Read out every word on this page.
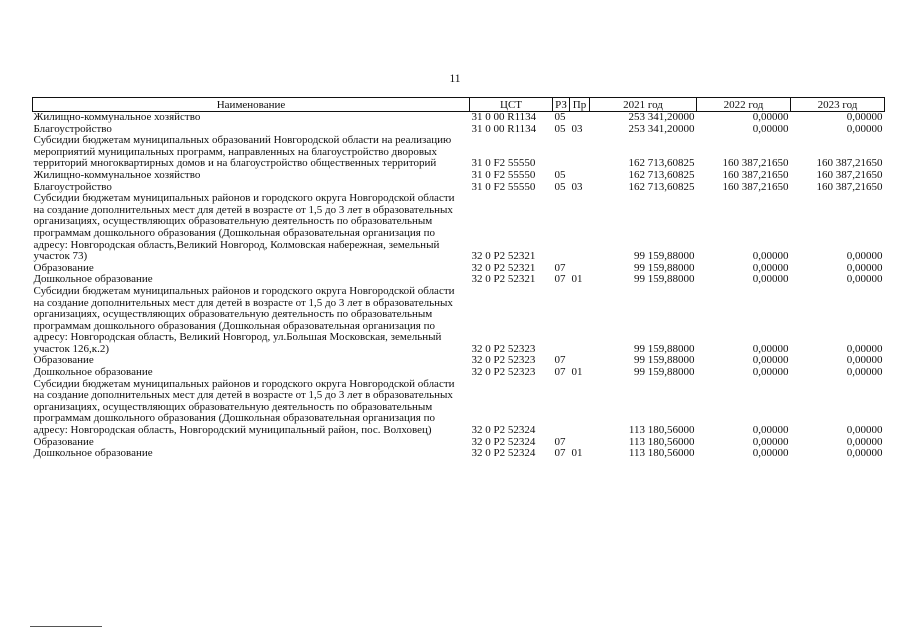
11
Наименование	ЦСТ	РЗ	Пр	2021 год	2022 год	2023 год
Жилищно-коммунальное хозяйство	31 0 00 R1134	05		253 341,20000	0,00000	0,00000
Благоустройство	31 0 00 R1134	05	03	253 341,20000	0,00000	0,00000
Субсидии бюджетам муниципальных образований Новгородской области на реализацию мероприятий муниципальных программ, направленных на благоустройство дворовых территорий многоквартирных домов и на благоустройство общественных территорий	31 0 F2 55550			162 713,60825	160 387,21650	160 387,21650
Жилищно-коммунальное хозяйство	31 0 F2 55550	05		162 713,60825	160 387,21650	160 387,21650
Благоустройство	31 0 F2 55550	05	03	162 713,60825	160 387,21650	160 387,21650
Субсидии бюджетам муниципальных районов и городского округа Новгородской области на создание дополнительных мест для детей в возрасте от 1,5 до 3 лет в образовательных организациях, осуществляющих образовательную деятельность по образовательным программам дошкольного образования (Дошкольная образовательная организация по адресу: Новгородская область,Великий Новгород, Колмовская набережная, земельный участок 73)	32 0 P2 52321			99 159,88000	0,00000	0,00000
Образование	32 0 P2 52321	07		99 159,88000	0,00000	0,00000
Дошкольное образование	32 0 P2 52321	07	01	99 159,88000	0,00000	0,00000
Субсидии бюджетам муниципальных районов и городского округа Новгородской области на создание дополнительных мест для детей в возрасте от 1,5 до 3 лет в образовательных организациях, осуществляющих образовательную деятельность по образовательным программам дошкольного образования (Дошкольная образовательная организация по адресу: Новгородская область, Великий Новгород, ул.Большая Московская, земельный участок 126,к.2)	32 0 P2 52323			99 159,88000	0,00000	0,00000
Образование	32 0 P2 52323	07		99 159,88000	0,00000	0,00000
Дошкольное образование	32 0 P2 52323	07	01	99 159,88000	0,00000	0,00000
Субсидии бюджетам муниципальных районов и городского округа Новгородской области на создание дополнительных мест для детей в возрасте от 1,5 до 3 лет в образовательных организациях, осуществляющих образовательную деятельность по образовательным программам дошкольного образования (Дошкольная образовательная организация по адресу: Новгородская область, Новгородский муниципальный район, пос. Волховец)	32 0 P2 52324			113 180,56000	0,00000	0,00000
Образование	32 0 P2 52324	07		113 180,56000	0,00000	0,00000
Дошкольное образование	32 0 P2 52324	07	01	113 180,56000	0,00000	0,00000
